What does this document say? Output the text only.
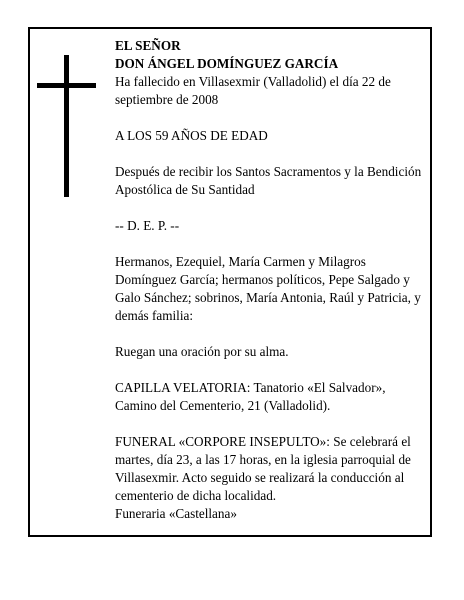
EL SEÑOR

DON ÁNGEL DOMÍNGUEZ GARCÍA

Ha fallecido en Villasexmir (Valladolid) el día 22 de septiembre de 2008

A LOS 59 AÑOS DE EDAD

Después de recibir los Santos Sacramentos y la Bendición Apostólica de Su Santidad

-- D. E. P. --

Hermanos, Ezequiel, María Carmen y Milagros Domínguez García; hermanos políticos, Pepe Salgado y Galo Sánchez; sobrinos, María Antonia, Raúl y Patricia, y demás familia:

Ruegan una oración por su alma.

CAPILLA VELATORIA: Tanatorio «El Salvador», Camino del Cementerio, 21 (Valladolid).

FUNERAL «CORPORE INSEPULTO»: Se celebrará el martes, día 23, a las 17 horas, en la iglesia parroquial de Villasexmir. Acto seguido se realizará la conducción al cementerio de dicha localidad.

Funeraria «Castellana»
